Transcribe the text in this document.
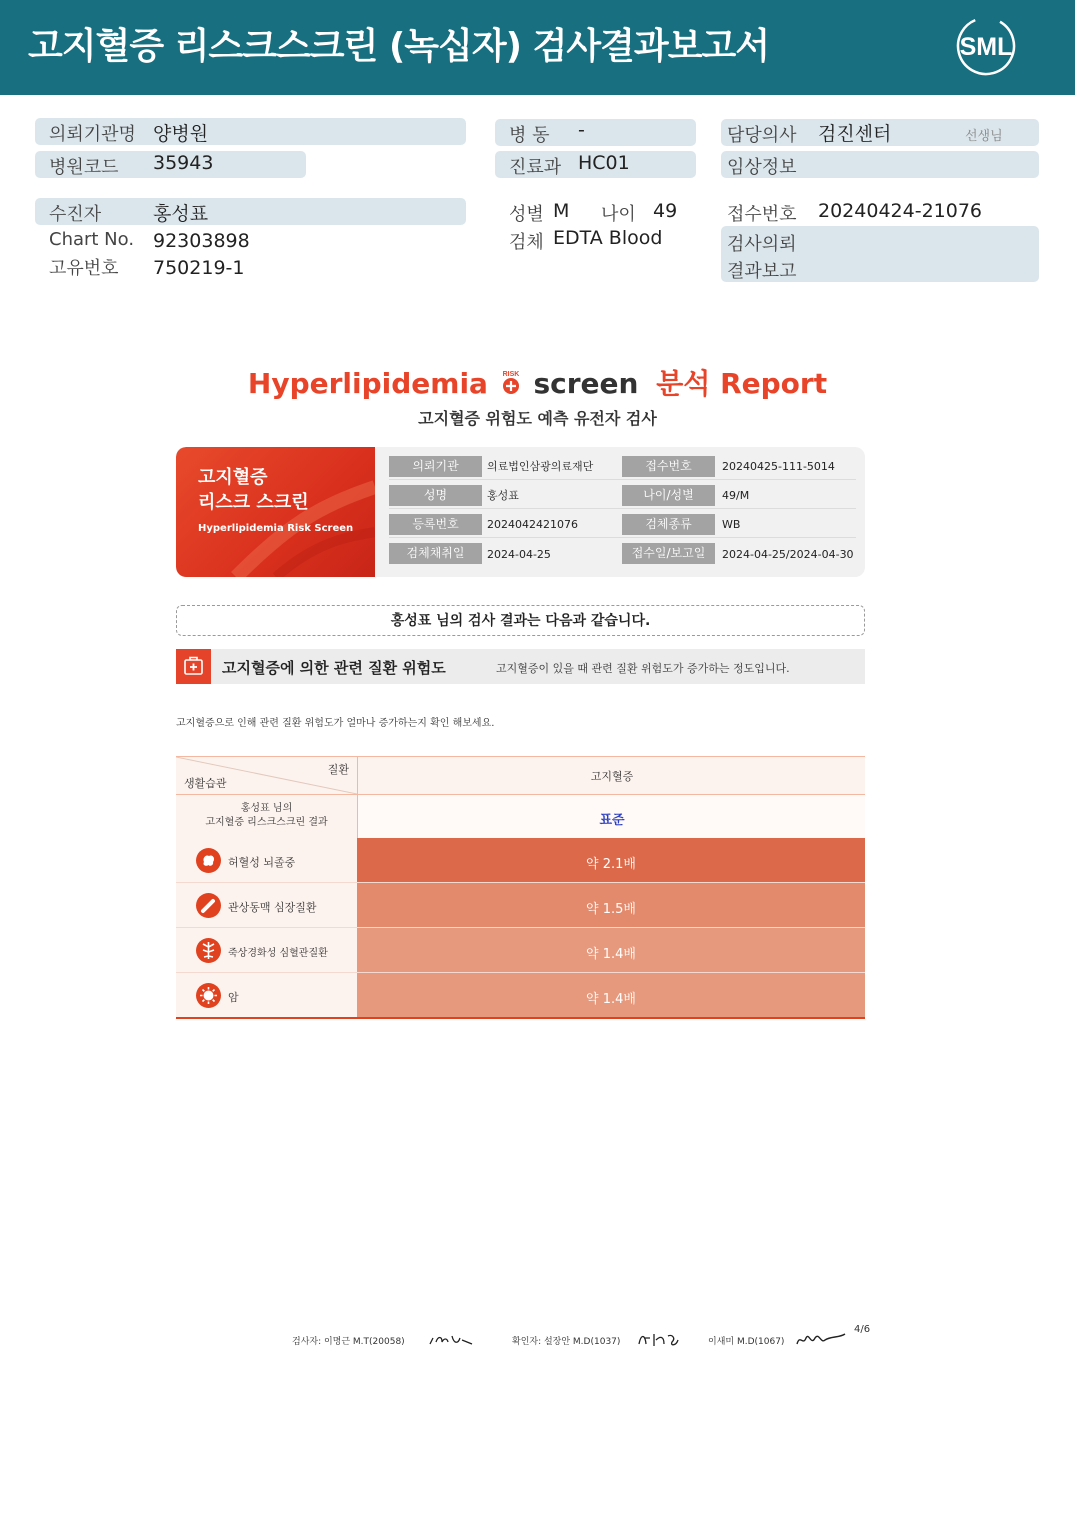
고지혈증 리스크스크린 (녹십자) 검사결과보고서	SML
의뢰기관명 양병원
병원코드 35943
병 동 -
진료과 HC01
담당의사 검진센터	선생님
임상정보
수진자	홍성표
Chart No. 92303898
고유번호 750219-1
성별 M 나이 49
검체 EDTA Blood
접수번호 20240424-21076
검사의뢰
결과보고
Hyperlipidemia RISK screen 분석 Report
고지혈증 위험도 예측 유전자 검사
고지혈증
리스크 스크린
Hyperlipidemia Risk Screen
의뢰기관	의료법인삼광의료재단	접수번호	20240425-111-5014
성명	홍성표	나이/성별	49/M
등록번호	2024042421076	검체종류	WB
검체채취일	2024-04-25	접수일/보고일	2024-04-25/2024-04-30
홍성표 님의 검사 결과는 다음과 같습니다.
고지혈증에 의한 관련 질환 위험도	고지혈증이 있을 때 관련 질환 위험도가 증가하는 정도입니다.
고지혈증으로 인해 관련 질환 위험도가 얼마나 증가하는지 확인 해보세요.
질환
생활습관
고지혈증
홍성표 님의
고지혈증 리스크스크린 결과	표준
허혈성 뇌졸중	약 2.1배
관상동맥 심장질환	약 1.5배
죽상경화성 심혈관질환	약 1.4배
암	약 1.4배
검사자: 이명근 M.T(20058)	확인자: 설장안 M.D(1037)	이새미 M.D(1067)
4/6
